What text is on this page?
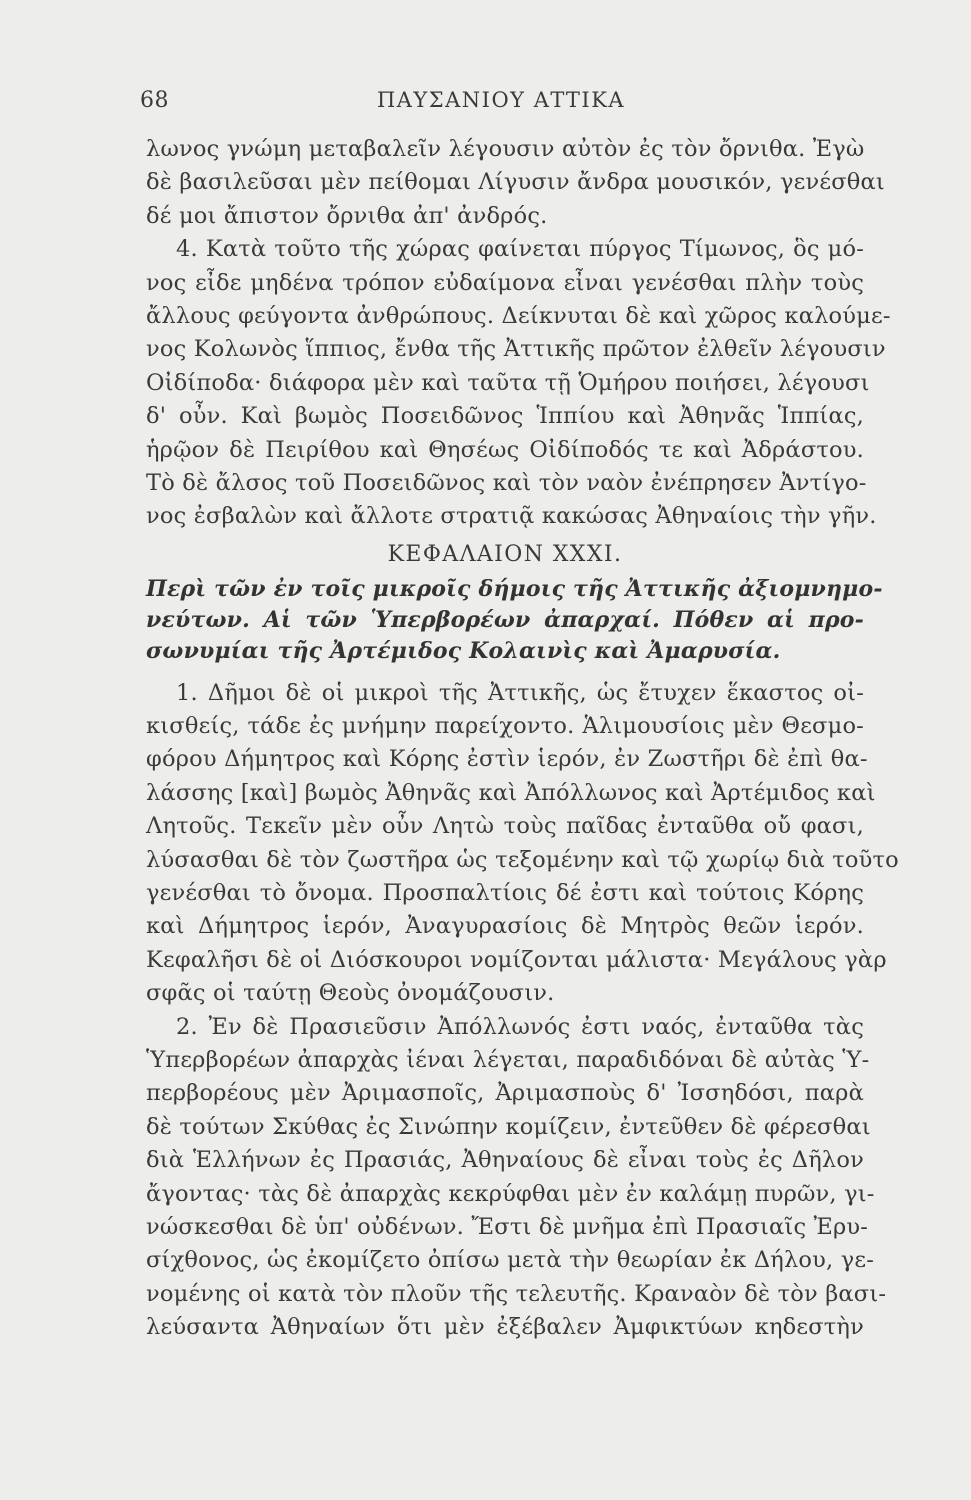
68	ΠΑΥΣΑΝΙΟΥ ΑΤΤΙΚΑ
λωνος γνώμη μεταβαλεῖν λέγουσιν αὐτὸν ἐς τὸν ὄρνιθα. Ἐγὼ
δὲ βασιλεῦσαι μὲν πείθομαι Λίγυσιν ἄνδρα μουσικόν, γενέσθαι
δέ μοι ἄπιστον ὄρνιθα ἀπ' ἀνδρός.
4. Κατὰ τοῦτο τῆς χώρας φαίνεται πύργος Τίμωνος, ὃς μό-
νος εἶδε μηδένα τρόπον εὐδαίμονα εἶναι γενέσθαι πλὴν τοὺς
ἄλλους φεύγοντα ἀνθρώπους. Δείκνυται δὲ καὶ χῶρος καλούμε-
νος Κολωνὸς ἵππιος, ἔνθα τῆς Ἀττικῆς πρῶτον ἐλθεῖν λέγουσιν
Οἰδίποδα· διάφορα μὲν καὶ ταῦτα τῇ Ὁμήρου ποιήσει, λέγουσι
δ' οὖν. Καὶ βωμὸς Ποσειδῶνος Ἱππίου καὶ Ἀθηνᾶς Ἱππίας,
ἡρῷον δὲ Πειρίθου καὶ Θησέως Οἰδίποδός τε καὶ Ἀδράστου.
Τὸ δὲ ἄλσος τοῦ Ποσειδῶνος καὶ τὸν ναὸν ἐνέπρησεν Ἀντίγο-
νος ἐσβαλὼν καὶ ἄλλοτε στρατιᾷ κακώσας Ἀθηναίοις τὴν γῆν.
ΚΕΦΑΛΑΙΟΝ XXXI.
Περὶ τῶν ἐν τοῖς μικροῖς δήμοις τῆς Ἀττικῆς ἀξιομνημο-
νεύτων. Αἱ τῶν Ὑπερβορέων ἀπαρχαί. Πόθεν αἱ προ-
σωνυμίαι τῆς Ἀρτέμιδος Κολαινὶς καὶ Ἀμαρυσία.
1. Δῆμοι δὲ οἱ μικροὶ τῆς Ἀττικῆς, ὡς ἔτυχεν ἕκαστος οἰ-
κισθείς, τάδε ἐς μνήμην παρείχοντο. Ἁλιμουσίοις μὲν Θεσμο-
φόρου Δήμητρος καὶ Κόρης ἐστὶν ἱερόν, ἐν Ζωστῆρι δὲ ἐπὶ θα-
λάσσης [καὶ] βωμὸς Ἀθηνᾶς καὶ Ἀπόλλωνος καὶ Ἀρτέμιδος καὶ
Λητοῦς. Τεκεῖν μὲν οὖν Λητὼ τοὺς παῖδας ἐνταῦθα οὔ φασι,
λύσασθαι δὲ τὸν ζωστῆρα ὡς τεξομένην καὶ τῷ χωρίῳ διὰ τοῦτο
γενέσθαι τὸ ὄνομα. Προσπαλτίοις δέ ἐστι καὶ τούτοις Κόρης
καὶ Δήμητρος ἱερόν, Ἀναγυρασίοις δὲ Μητρὸς θεῶν ἱερόν.
Κεφαλῆσι δὲ οἱ Διόσκουροι νομίζονται μάλιστα· Μεγάλους γὰρ
σφᾶς οἱ ταύτῃ Θεοὺς ὀνομάζουσιν.
2. Ἐν δὲ Πρασιεῦσιν Ἀπόλλωνός ἐστι ναός, ἐνταῦθα τὰς
Ὑπερβορέων ἀπαρχὰς ἰέναι λέγεται, παραδιδόναι δὲ αὐτὰς Ὑ-
περβορέους μὲν Ἀριμασποῖς, Ἀριμασποὺς δ' Ἰσσηδόσι, παρὰ
δὲ τούτων Σκύθας ἐς Σινώπην κομίζειν, ἐντεῦθεν δὲ φέρεσθαι
διὰ Ἑλλήνων ἐς Πρασιάς, Ἀθηναίους δὲ εἶναι τοὺς ἐς Δῆλον
ἄγοντας· τὰς δὲ ἀπαρχὰς κεκρύφθαι μὲν ἐν καλάμῃ πυρῶν, γι-
νώσκεσθαι δὲ ὑπ' οὐδένων. Ἔστι δὲ μνῆμα ἐπὶ Πρασιαῖς Ἐρυ-
σίχθονος, ὡς ἐκομίζετο ὀπίσω μετὰ τὴν θεωρίαν ἐκ Δήλου, γε-
νομένης οἱ κατὰ τὸν πλοῦν τῆς τελευτῆς. Κραναὸν δὲ τὸν βασι-
λεύσαντα Ἀθηναίων ὅτι μὲν ἐξέβαλεν Ἀμφικτύων κηδεστὴν
